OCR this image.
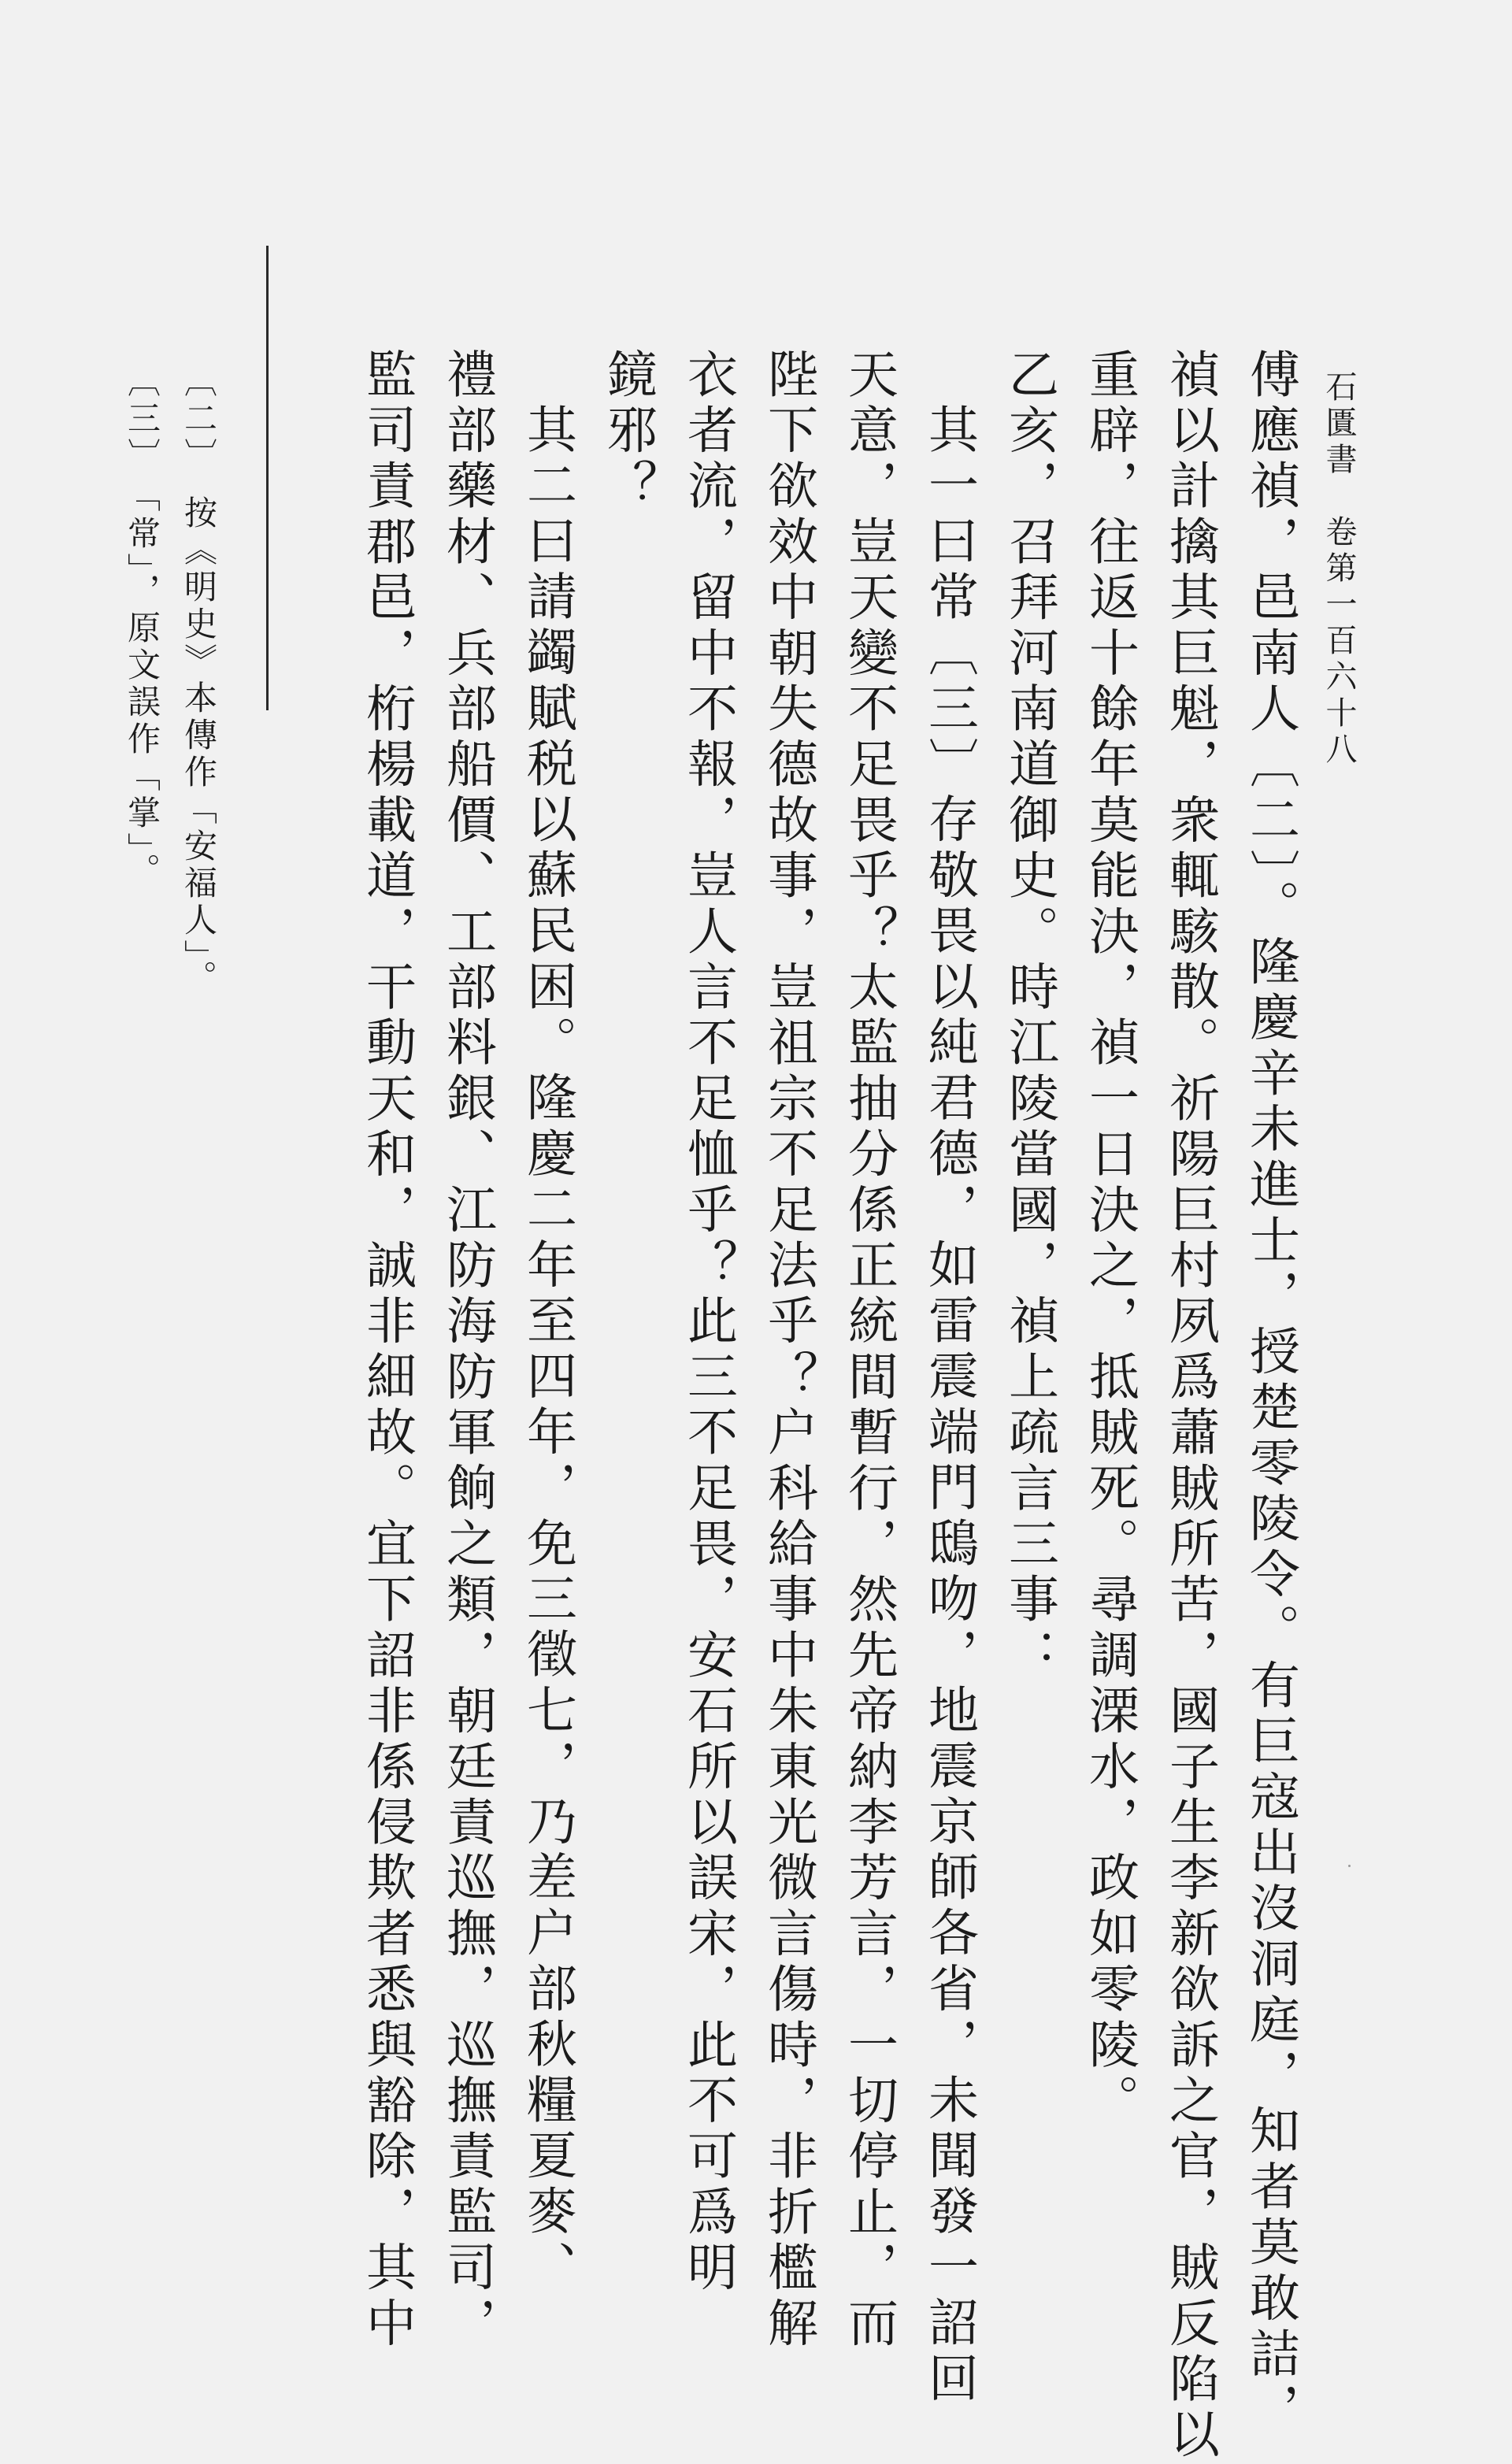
石匱書　卷第一百六十八
傅應禎，邑南人〔二〕。隆慶辛未進士，授楚零陵令。有巨寇出沒洞庭，知者莫敢詰，
禎以計擒其巨魁，衆輒駭散。祈陽巨村夙爲蕭賊所苦，國子生李新欲訴之官，賊反陷以
重辟，往返十餘年莫能決，禎一日決之，抵賊死。尋調溧水，政如零陵。
乙亥，召拜河南道御史。時江陵當國，禎上疏言三事：
其一曰常〔三〕存敬畏以純君德，如雷震端門鴟吻，地震京師各省，未聞發一詔回
天意，豈天變不足畏乎？太監抽分係正統間暫行，然先帝納李芳言，一切停止，而
陛下欲效中朝失德故事，豈祖宗不足法乎？户科給事中朱東光微言傷時，非折檻解
衣者流，留中不報，豈人言不足恤乎？此三不足畏，安石所以誤宋，此不可爲明
鏡邪？
其二曰請蠲賦税以蘇民困。隆慶二年至四年，免三徵七，乃差户部秋糧夏麥、
禮部藥材、兵部船價、工部料銀、江防海防軍餉之類，朝廷責巡撫，巡撫責監司，
監司責郡邑，桁楊載道，干動天和，誠非細故。宜下詔非係侵欺者悉與豁除，其中
〔二〕　按《明史》本傳作「安福人」。
〔三〕　「常」，原文誤作「掌」。
